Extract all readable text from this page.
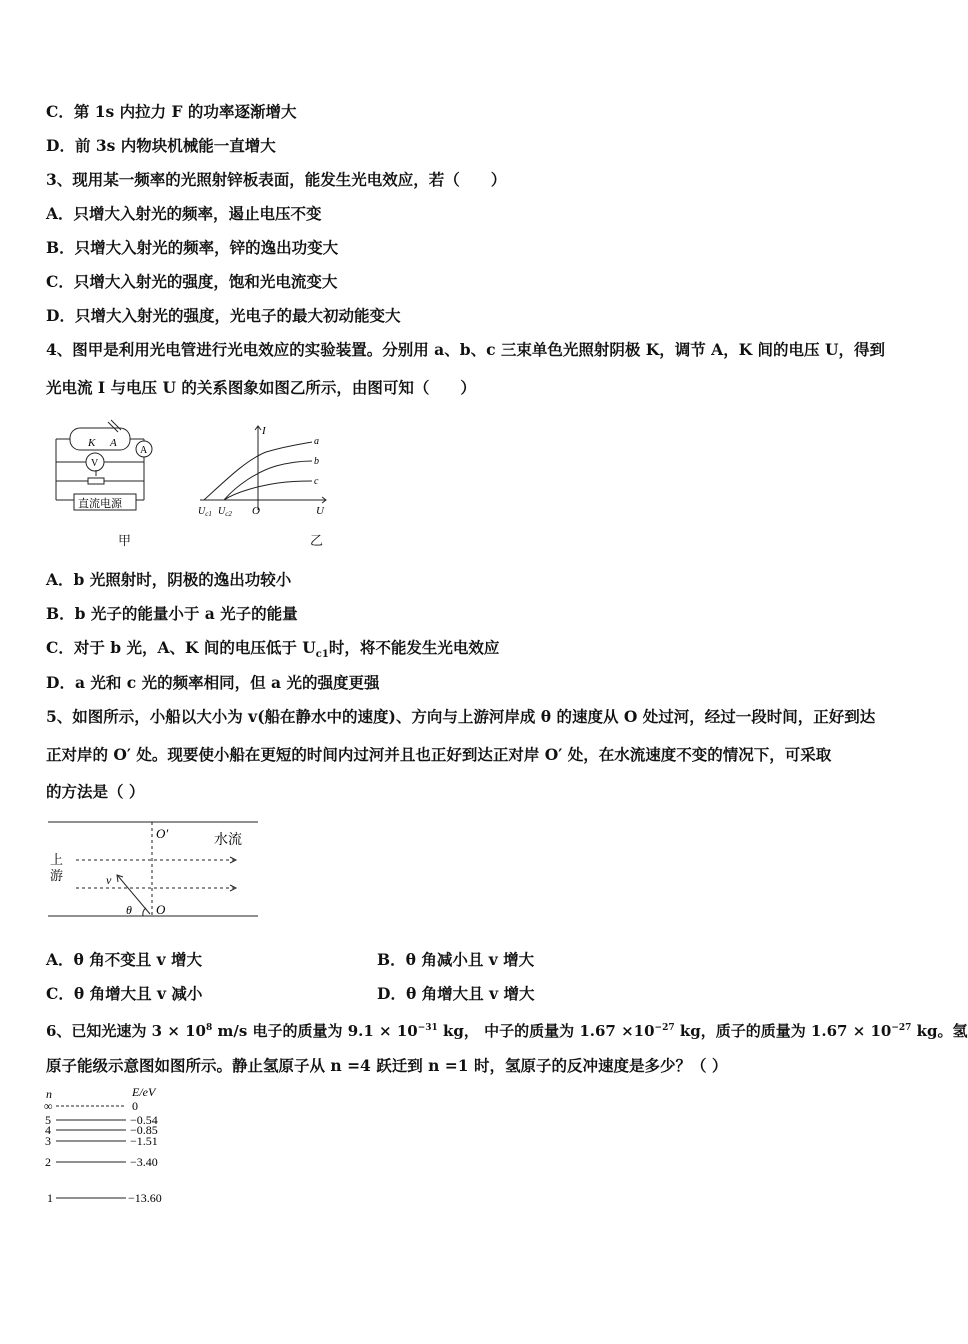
C．第 1s 内拉力 F 的功率逐渐增大
D．前 3s 内物块机械能一直增大
3、现用某一频率的光照射锌板表面，能发生光电效应，若（　　）
A．只增大入射光的频率，遏止电压不变
B．只增大入射光的频率，锌的逸出功变大
C．只增大入射光的强度，饱和光电流变大
D．只增大入射光的强度，光电子的最大初动能变大
4、图甲是利用光电管进行光电效应的实验装置。分别用 a、b、c 三束单色光照射阴极 K，调节 A，K 间的电压 U，得到
光电流 I 与电压 U 的关系图象如图乙所示，由图可知（　　）
K A
V
A
直流电源
甲
I
U
O
$U_{c1}$ $U_{c2}$
a
b
c
乙
A．b 光照射时，阴极的逸出功较小
B．b 光子的能量小于 a 光子的能量
C．对于 b 光，A、K 间的电压低于 $U_{c1}$时，将不能发生光电效应
D．a 光和 c 光的频率相同，但 a 光的强度更强
5、如图所示，小船以大小为 v(船在静水中的速度)、方向与上游河岸成 θ 的速度从 O 处过河，经过一段时间，正好到达
正对岸的 O′ 处。现要使小船在更短的时间内过河并且也正好到达正对岸 O′ 处，在水流速度不变的情况下，可采取
的方法是（ ）
O′	水流
上
游	v
θ O
A．θ 角不变且 v 增大	B．θ 角减小且 v 增大
C．θ 角增大且 v 减小	D．θ 角增大且 v 增大
6、已知光速为 $3 \times 10^8$ m/s 电子的质量为 $9.1 \times 10^{-31}$ kg， 中子的质量为 $1.67 \times 10^{-27}$ kg，质子的质量为 $1.67 \times 10^{-27}$ kg。氢
原子能级示意图如图所示。静止氢原子从 n =4 跃迁到 n =1 时，氢原子的反冲速度是多少？（ ）
n	E/eV
∞	0
5	−0.54
4	−0.85
3	−1.51
2	−3.40
1	−13.60
